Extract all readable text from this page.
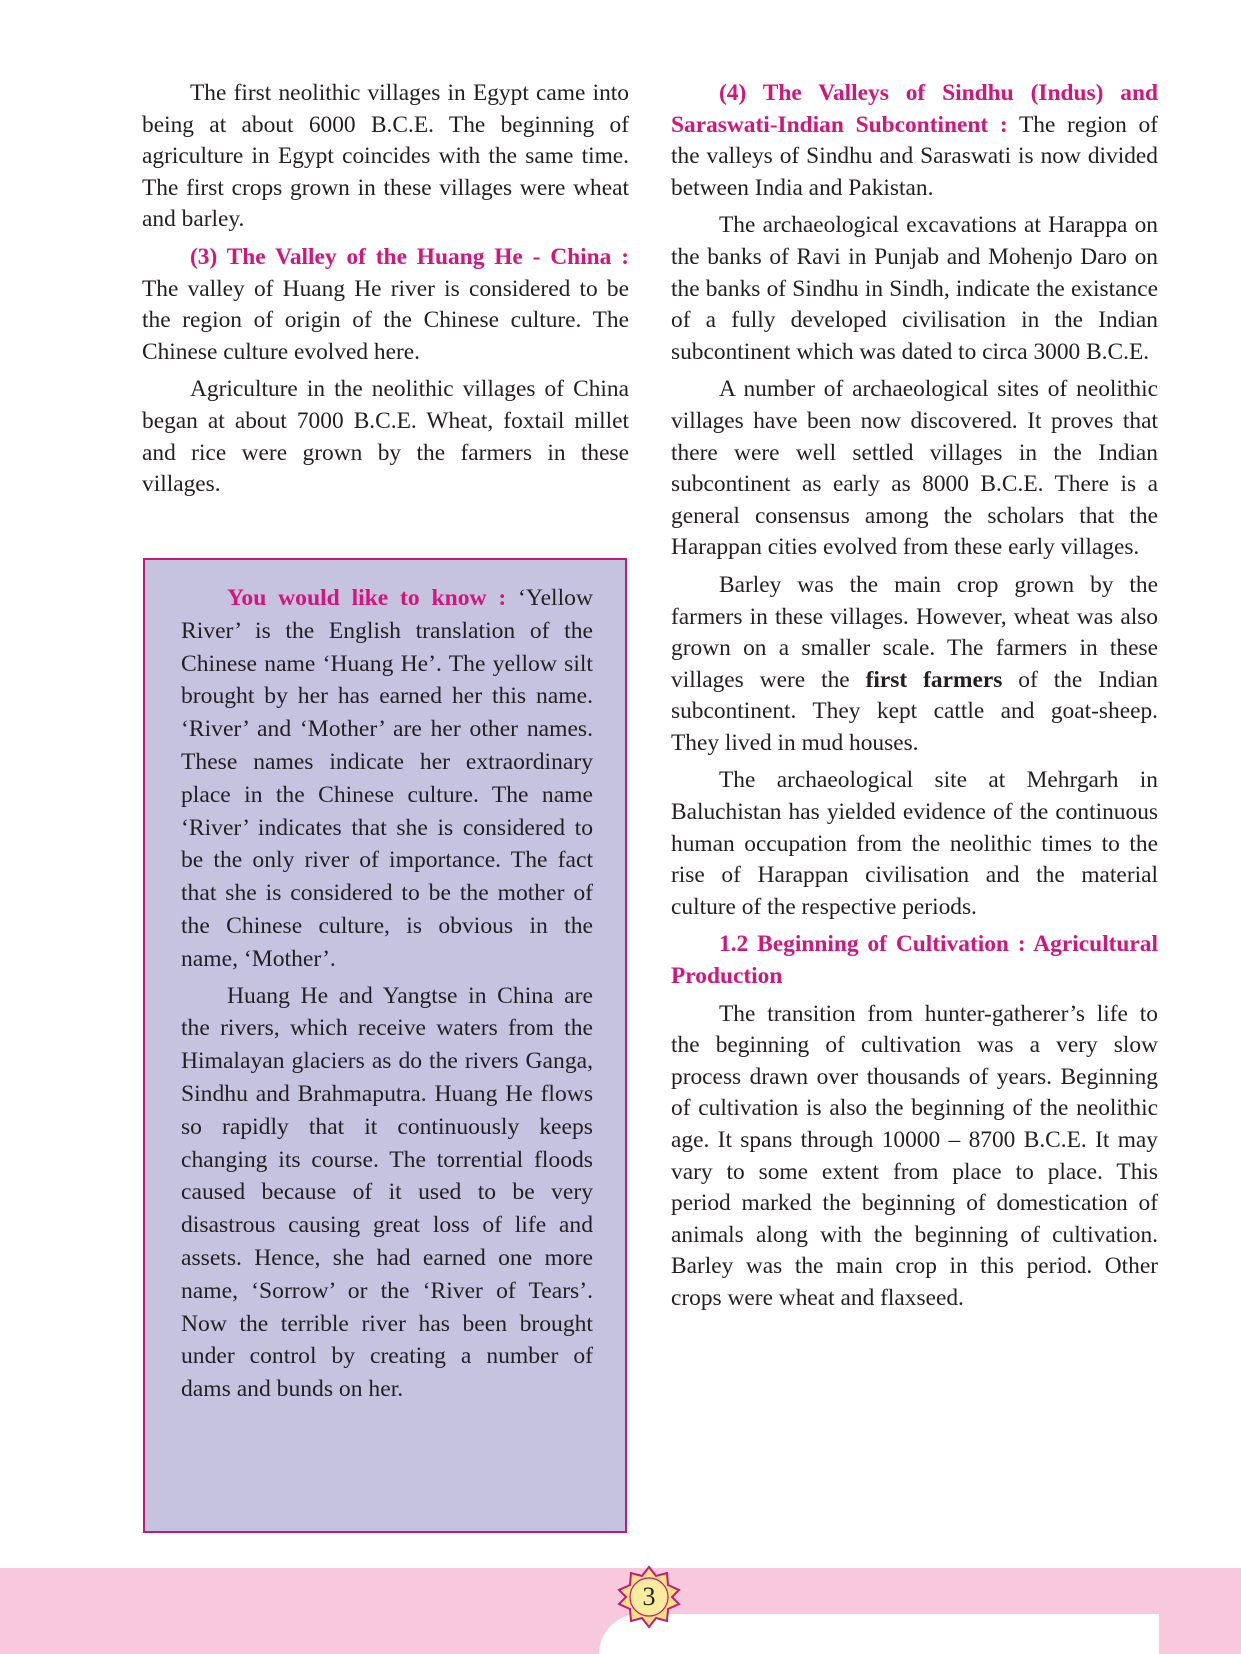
The first neolithic villages in Egypt came into being at about 6000 B.C.E. The beginning of agriculture in Egypt coincides with the same time. The first crops grown in these villages were wheat and barley.

(3) The Valley of the Huang He - China : The valley of Huang He river is considered to be the region of origin of the Chinese culture. The Chinese culture evolved here.

Agriculture in the neolithic villages of China began at about 7000 B.C.E. Wheat, foxtail millet and rice were grown by the farmers in these villages.

You would like to know : ‘Yellow River’ is the English translation of the Chinese name ‘Huang He’. The yellow silt brought by her has earned her this name. ‘River’ and ‘Mother’ are her other names. These names indicate her extraordinary place in the Chinese culture. The name ‘River’ indicates that she is considered to be the only river of importance. The fact that she is considered to be the mother of the Chinese culture, is obvious in the name, ‘Mother’.

Huang He and Yangtse in China are the rivers, which receive waters from the Himalayan glaciers as do the rivers Ganga, Sindhu and Brahmaputra. Huang He flows so rapidly that it continuously keeps changing its course. The torrential floods caused because of it used to be very disastrous causing great loss of life and assets. Hence, she had earned one more name, ‘Sorrow’ or the ‘River of Tears’. Now the terrible river has been brought under control by creating a number of dams and bunds on her.

(4) The Valleys of Sindhu (Indus) and Saraswati-Indian Subcontinent : The region of the valleys of Sindhu and Saraswati is now divided between India and Pakistan.

The archaeological excavations at Harappa on the banks of Ravi in Punjab and Mohenjo Daro on the banks of Sindhu in Sindh, indicate the existance of a fully developed civilisation in the Indian subcontinent which was dated to circa 3000 B.C.E.

A number of archaeological sites of neolithic villages have been now discovered. It proves that there were well settled villages in the Indian subcontinent as early as 8000 B.C.E. There is a general consensus among the scholars that the Harappan cities evolved from these early villages.

Barley was the main crop grown by the farmers in these villages. However, wheat was also grown on a smaller scale. The farmers in these villages were the first farmers of the Indian subcontinent. They kept cattle and goat-sheep. They lived in mud houses.

The archaeological site at Mehrgarh in Baluchistan has yielded evidence of the continuous human occupation from the neolithic times to the rise of Harappan civilisation and the material culture of the respective periods.

1.2 Beginning of Cultivation : Agricultural Production

The transition from hunter-gatherer’s life to the beginning of cultivation was a very slow process drawn over thousands of years. Beginning of cultivation is also the beginning of the neolithic age. It spans through 10000 – 8700 B.C.E. It may vary to some extent from place to place. This period marked the beginning of domestication of animals along with the beginning of cultivation. Barley was the main crop in this period. Other crops were wheat and flaxseed.

3
